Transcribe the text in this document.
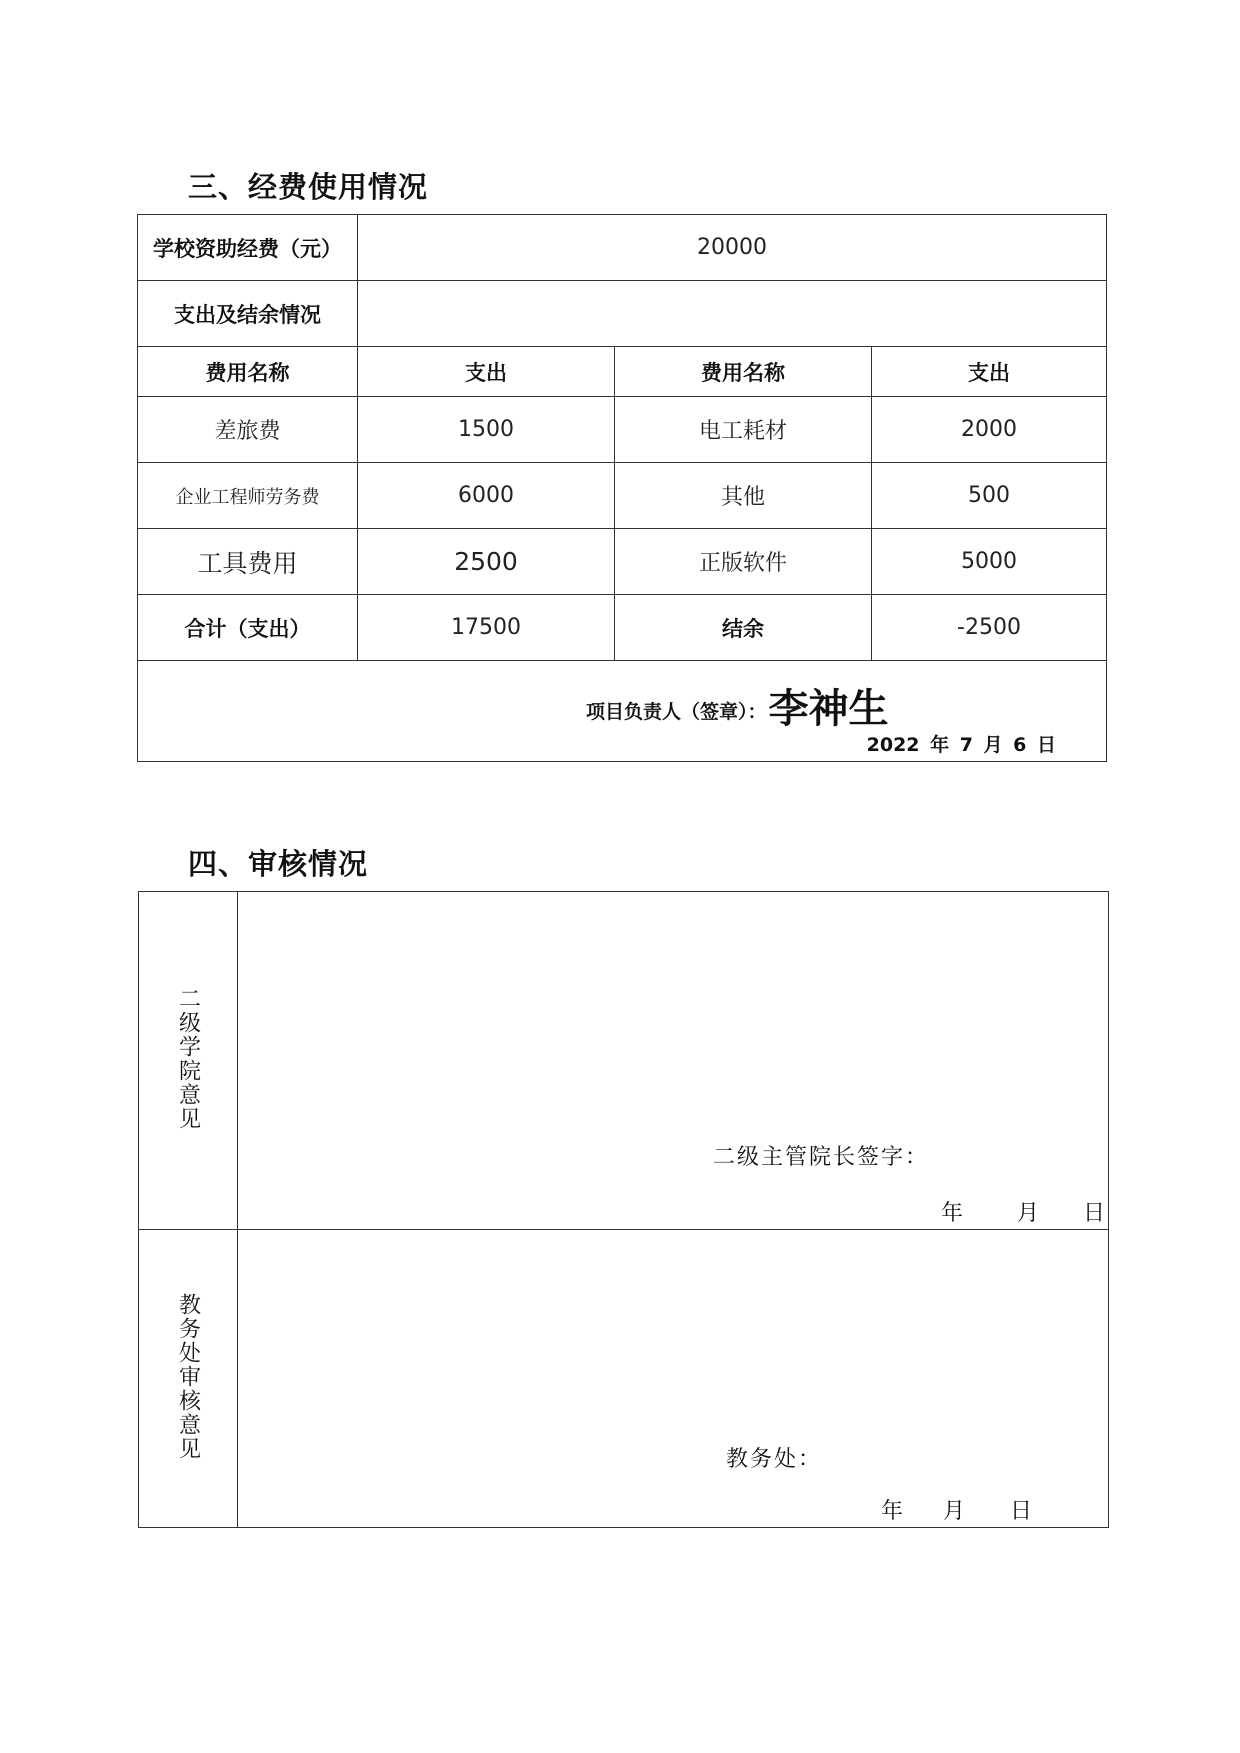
三、经费使用情况
学校资助经费（元）	20000		
支出及结余情况			
费用名称	支出	费用名称	支出
差旅费	1500	电工耗材	2000
企业工程师劳务费	6000	其他	500
工具费用	2500	正版软件	5000
合计（支出）	17500	结余	-2500

项目负责人（签章）：李神生
2022 年 7 月 6 日			
四、审核情况
二级学院意见	二级主管院长签字：
年 月 日

教务处审核意见	教务处：
年 月 日
